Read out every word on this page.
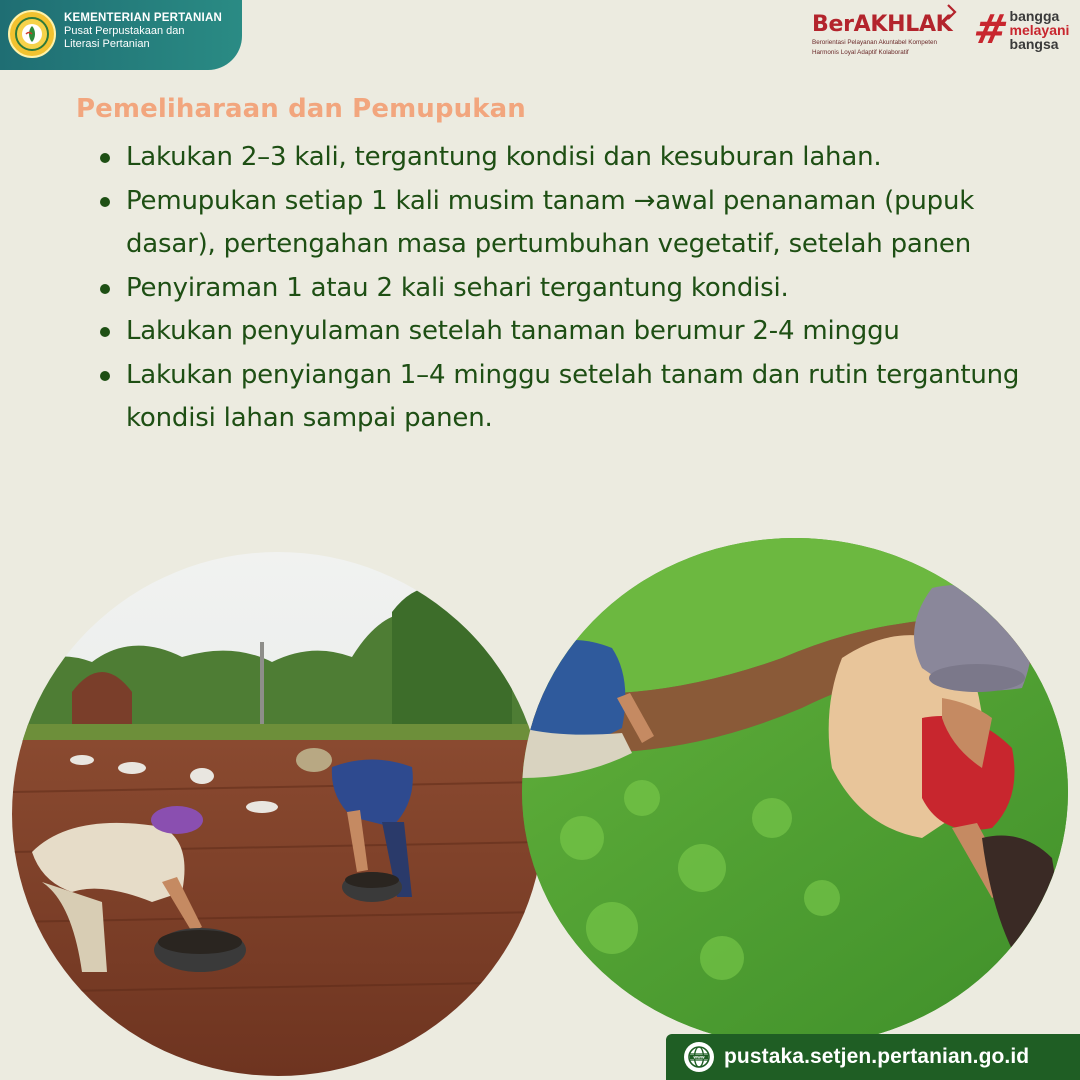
KEMENTERIAN PERTANIAN
Pusat Perpustakaan dan
Literasi Pertanian
BerAKHLAK
Berorientasi Pelayanan Akuntabel Kompeten
Harmonis Loyal Adaptif Kolaboratif	#
bangga
melayani
bangsa
Pemeliharaan dan Pemupukan
Lakukan 2–3 kali, tergantung kondisi dan kesuburan lahan.
Pemupukan setiap 1 kali musim tanam →awal penanaman (pupuk dasar), pertengahan masa pertumbuhan vegetatif, setelah panen
Penyiraman 1 atau 2 kali sehari tergantung kondisi.
Lakukan penyulaman setelah tanaman berumur 2-4 minggu
Lakukan penyiangan 1–4 minggu setelah tanam dan rutin tergantung kondisi lahan sampai panen.
WWW pustaka.setjen.pertanian.go.id
